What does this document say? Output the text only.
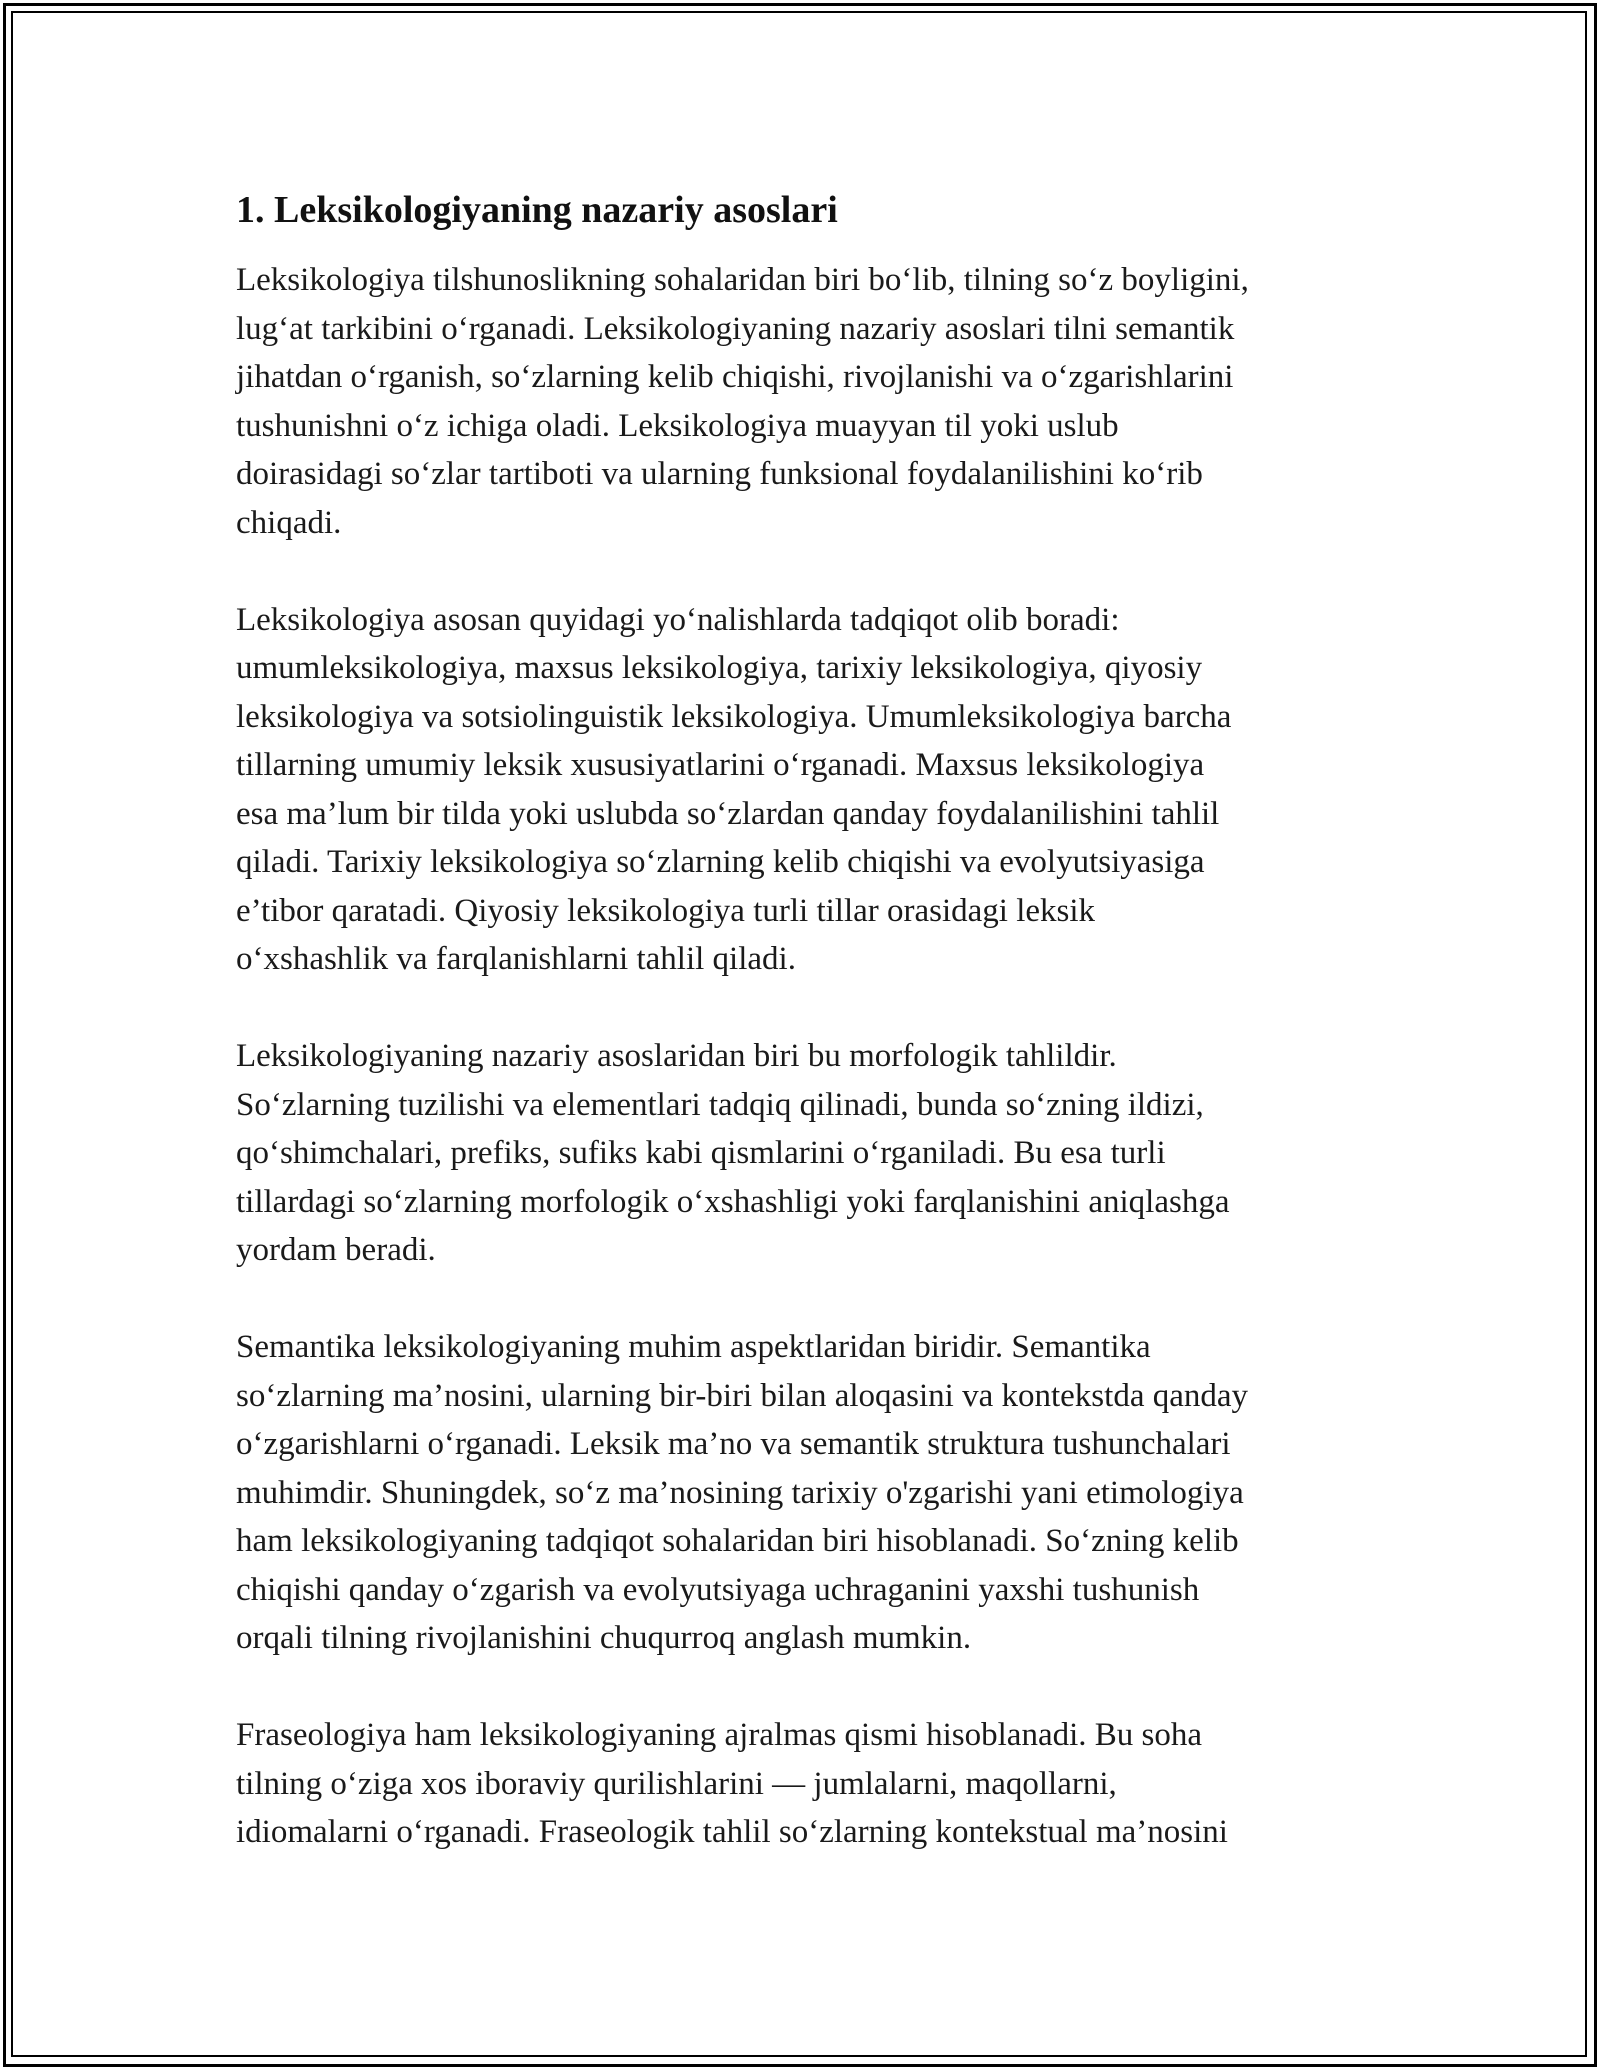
1. Leksikologiyaning nazariy asoslari

Leksikologiya tilshunoslikning sohalaridan biri bo‘lib, tilning so‘z boyligini,
lug‘at tarkibini o‘rganadi. Leksikologiyaning nazariy asoslari tilni semantik
jihatdan o‘rganish, so‘zlarning kelib chiqishi, rivojlanishi va o‘zgarishlarini
tushunishni o‘z ichiga oladi. Leksikologiya muayyan til yoki uslub
doirasidagi so‘zlar tartiboti va ularning funksional foydalanilishini ko‘rib
chiqadi.

Leksikologiya asosan quyidagi yo‘nalishlarda tadqiqot olib boradi:
umumleksikologiya, maxsus leksikologiya, tarixiy leksikologiya, qiyosiy
leksikologiya va sotsiolinguistik leksikologiya. Umumleksikologiya barcha
tillarning umumiy leksik xususiyatlarini o‘rganadi. Maxsus leksikologiya
esa ma’lum bir tilda yoki uslubda so‘zlardan qanday foydalanilishini tahlil
qiladi. Tarixiy leksikologiya so‘zlarning kelib chiqishi va evolyutsiyasiga
e’tibor qaratadi. Qiyosiy leksikologiya turli tillar orasidagi leksik
o‘xshashlik va farqlanishlarni tahlil qiladi.

Leksikologiyaning nazariy asoslaridan biri bu morfologik tahlildir.
So‘zlarning tuzilishi va elementlari tadqiq qilinadi, bunda so‘zning ildizi,
qo‘shimchalari, prefiks, sufiks kabi qismlarini o‘rganiladi. Bu esa turli
tillardagi so‘zlarning morfologik o‘xshashligi yoki farqlanishini aniqlashga
yordam beradi.

Semantika leksikologiyaning muhim aspektlaridan biridir. Semantika
so‘zlarning ma’nosini, ularning bir-biri bilan aloqasini va kontekstda qanday
o‘zgarishlarni o‘rganadi. Leksik ma’no va semantik struktura tushunchalari
muhimdir. Shuningdek, so‘z ma’nosining tarixiy o'zgarishi yani etimologiya
ham leksikologiyaning tadqiqot sohalaridan biri hisoblanadi. So‘zning kelib
chiqishi qanday o‘zgarish va evolyutsiyaga uchraganini yaxshi tushunish
orqali tilning rivojlanishini chuqurroq anglash mumkin.

Fraseologiya ham leksikologiyaning ajralmas qismi hisoblanadi. Bu soha
tilning o‘ziga xos iboraviy qurilishlarini — jumlalarni, maqollarni,
idiomalarni o‘rganadi. Fraseologik tahlil so‘zlarning kontekstual ma’nosini
